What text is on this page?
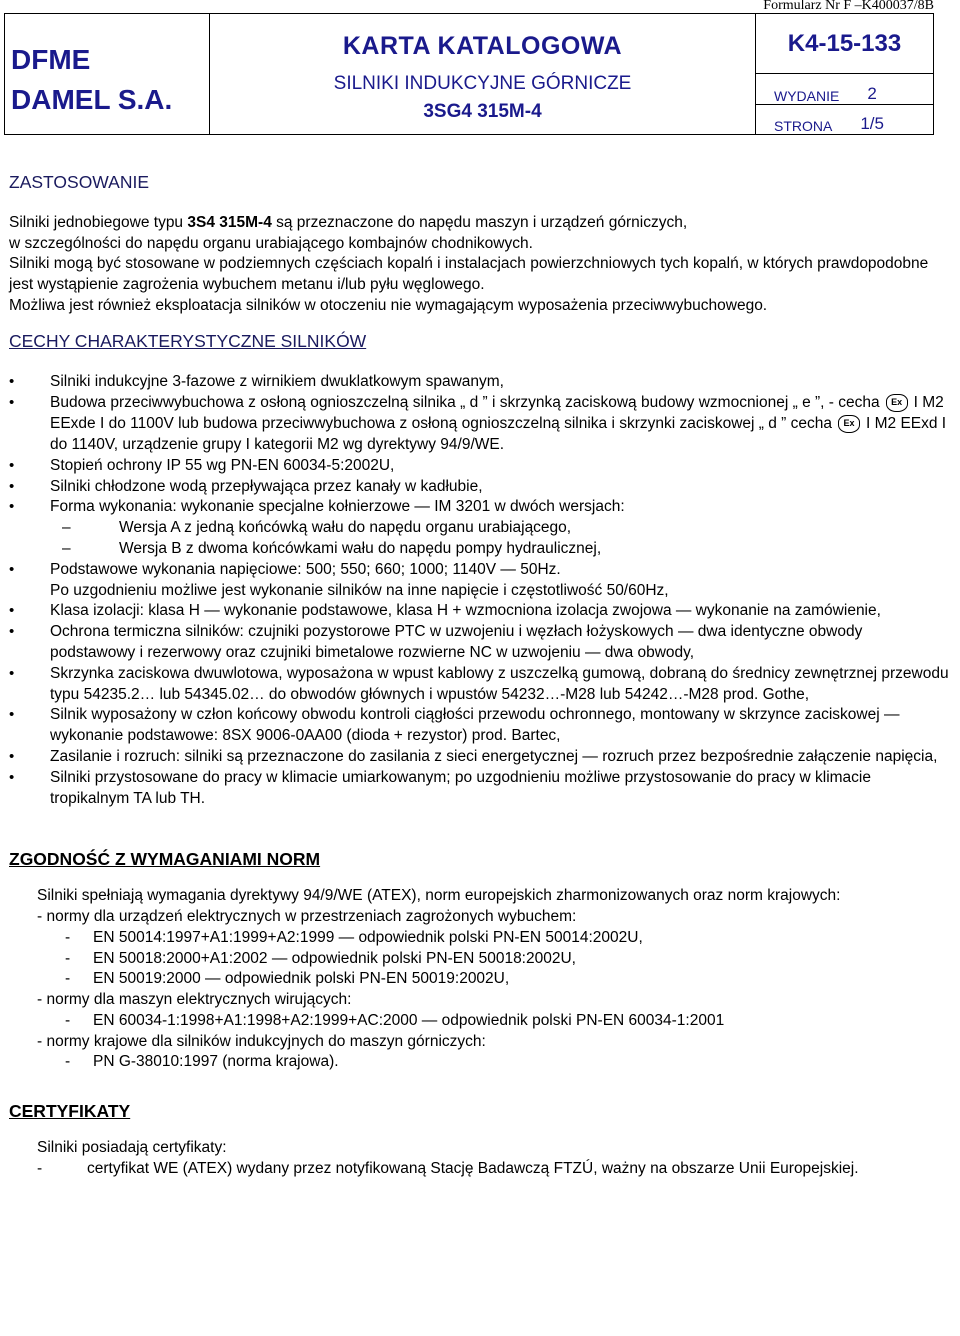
Formularz Nr F –K400037/8B
DFME
DAMEL S.A.
KARTA KATALOGOWA
SILNIKI INDUKCYJNE GÓRNICZE
3SG4 315M-4
K4-15-133
WYDANIE 2
STRONA 1/5
ZASTOSOWANIE

Silniki jednobiegowe typu 3S4 315M-4 są przeznaczone do napędu maszyn i urządzeń górniczych,

w szczególności do napędu organu urabiającego kombajnów chodnikowych.

Silniki mogą być stosowane w podziemnych częściach kopalń i instalacjach powierzchniowych tych kopalń, w których prawdopodobne jest wystąpienie zagrożenia wybuchem metanu i/lub pyłu węglowego.

Możliwa jest również eksploatacja silników w otoczeniu nie wymagającym wyposażenia przeciwwybuchowego.

CECHY CHARAKTERYSTYCZNE SILNIKÓW
• Silniki indukcyjne 3-fazowe z wirnikiem dwuklatkowym spawanym,
• Budowa przeciwwybuchowa z osłoną ognioszczelną silnika „ d ” i skrzynką zaciskową budowy wzmocnionej „ e ”, - cecha Ex I M2 EExde I do 1100V lub budowa przeciwwybuchowa z osłoną ognioszczelną silnika i skrzynki zaciskowej „ d ” cecha Ex I M2 EExd I do 1140V, urządzenie grupy I kategorii M2 wg dyrektywy 94/9/WE.
• Stopień ochrony IP 55 wg PN-EN 60034-5:2002U,
• Silniki chłodzone wodą przepływająca przez kanały w kadłubie,
• Forma wykonania: wykonanie specjalne kołnierzowe — IM 3201 w dwóch wersjach:
–	Wersja A z jedną końcówką wału do napędu organu urabiającego,
–	Wersja B z dwoma końcówkami wału do napędu pompy hydraulicznej,
• Podstawowe wykonania napięciowe: 500; 550; 660; 1000; 1140V — 50Hz.
Po uzgodnieniu możliwe jest wykonanie silników na inne napięcie i częstotliwość 50/60Hz,
• Klasa izolacji: klasa H — wykonanie podstawowe, klasa H + wzmocniona izolacja zwojowa — wykonanie na zamówienie,
• Ochrona termiczna silników: czujniki pozystorowe PTC w uzwojeniu i węzłach łożyskowych — dwa identyczne obwody podstawowy i rezerwowy oraz czujniki bimetalowe rozwierne NC w uzwojeniu — dwa obwody,
• Skrzynka zaciskowa dwuwlotowa, wyposażona w wpust kablowy z uszczelką gumową, dobraną do średnicy zewnętrznej przewodu typu 54235.2… lub 54345.02… do obwodów głównych i wpustów 54232…-M28 lub 54242…-M28 prod. Gothe,
• Silnik wyposażony w człon końcowy obwodu kontroli ciągłości przewodu ochronnego, montowany w skrzynce zaciskowej — wykonanie podstawowe: 8SX 9006-0AA00 (dioda + rezystor) prod. Bartec,
• Zasilanie i rozruch: silniki są przeznaczone do zasilania z sieci energetycznej — rozruch przez bezpośrednie załączenie napięcia,
• Silniki przystosowane do pracy w klimacie umiarkowanym; po uzgodnieniu możliwe przystosowanie do pracy w klimacie tropikalnym TA lub TH.
ZGODNOŚĆ Z WYMAGANIAMI NORM

Silniki spełniają wymagania dyrektywy 94/9/WE (ATEX), norm europejskich zharmonizowanych oraz norm krajowych:

- normy dla urządzeń elektrycznych w przestrzeniach zagrożonych wybuchem:
- EN 50014:1997+A1:1999+A2:1999 — odpowiednik polski PN-EN 50014:2002U,
- EN 50018:2000+A1:2002 — odpowiednik polski PN-EN 50018:2002U,
- EN 50019:2000 — odpowiednik polski PN-EN 50019:2002U,
- normy dla maszyn elektrycznych wirujących:
- EN 60034-1:1998+A1:1998+A2:1999+AC:2000 — odpowiednik polski PN-EN 60034-1:2001
- normy krajowe dla silników indukcyjnych do maszyn górniczych:
- PN G-38010:1997 (norma krajowa).
CERTYFIKATY
Silniki posiadają certyfikaty:
-	certyfikat WE (ATEX) wydany przez notyfikowaną Stację Badawczą FTZÚ, ważny na obszarze Unii Europejskiej.
